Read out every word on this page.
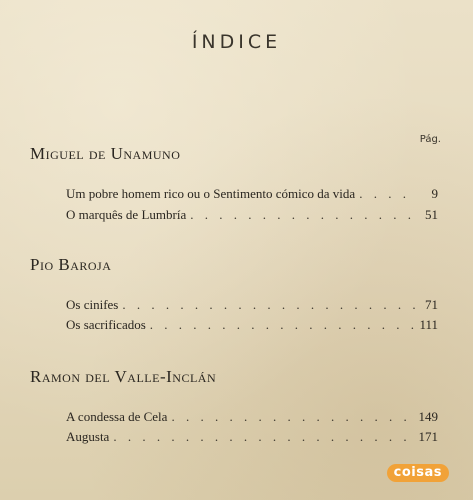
ÍNDICE
Pág.
Miguel de Unamuno
Um pobre homem rico ou o Sentimento cómico da vida . . .	9
O marquês de Lumbría . . .	51
Pio Baroja
Os cinifes . . .	71
Os sacrificados . . .	111
Ramon del Valle-Inclán
A condessa de Cela . . .	149
Augusta . . .	171
coisas
